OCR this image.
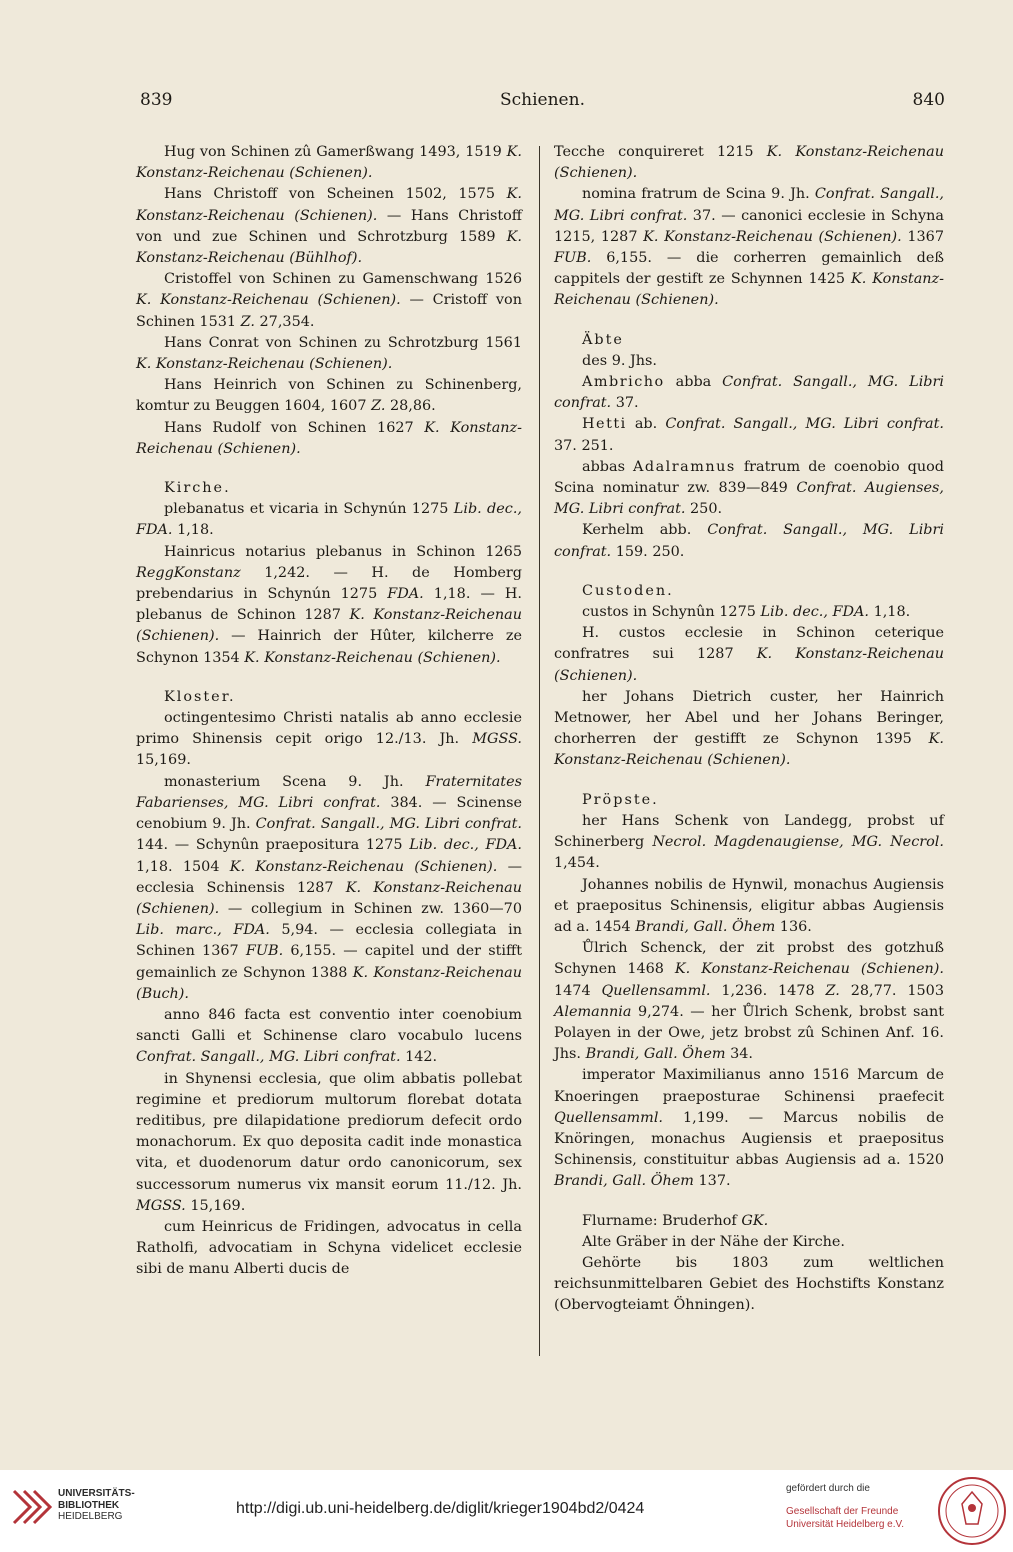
839	Schienen.	840

Hug von Schinen zû Gamerßwang 1493, 1519 K. Konstanz-Reichenau (Schienen).

Hans Christoff von Scheinen 1502, 1575 K. Konstanz-Reichenau (Schienen). — Hans Christoff von und zue Schinen und Schrotzburg 1589 K. Konstanz-Reichenau (Bühlhof).

Cristoffel von Schinen zu Gamenschwang 1526 K. Konstanz-Reichenau (Schienen). — Cristoff von Schinen 1531 Z. 27,354.

Hans Conrat von Schinen zu Schrotzburg 1561 K. Konstanz-Reichenau (Schienen).

Hans Heinrich von Schinen zu Schinenberg, komtur zu Beuggen 1604, 1607 Z. 28,86.

Hans Rudolf von Schinen 1627 K. Konstanz-Reichenau (Schienen).

Kirche.

plebanatus et vicaria in Schynún 1275 Lib. dec., FDA. 1,18.

Hainricus notarius plebanus in Schinon 1265 ReggKonstanz 1,242. — H. de Homberg prebendarius in Schynún 1275 FDA. 1,18. — H. plebanus de Schinon 1287 K. Konstanz-Reichenau (Schienen). — Hainrich der Hûter, kilcherre ze Schynon 1354 K. Konstanz-Reichenau (Schienen).

Kloster.

octingentesimo Christi natalis ab anno ecclesie primo Shinensis cepit origo 12./13. Jh. MGSS. 15,169.

monasterium Scena 9. Jh. Fraternitates Fabarienses, MG. Libri confrat. 384. — Scinense cenobium 9. Jh. Confrat. Sangall., MG. Libri confrat. 144. — Schynûn praepositura 1275 Lib. dec., FDA. 1,18. 1504 K. Konstanz-Reichenau (Schienen). — ecclesia Schinensis 1287 K. Konstanz-Reichenau (Schienen). — collegium in Schinen zw. 1360—70 Lib. marc., FDA. 5,94. — ecclesia collegiata in Schinen 1367 FUB. 6,155. — capitel und der stifft gemainlich ze Schynon 1388 K. Konstanz-Reichenau (Buch).

anno 846 facta est conventio inter coenobium sancti Galli et Schinense claro vocabulo lucens Confrat. Sangall., MG. Libri confrat. 142.

in Shynensi ecclesia, que olim abbatis pollebat regimine et prediorum multorum florebat dotata reditibus, pre dilapidatione prediorum defecit ordo monachorum. Ex quo deposita cadit inde monastica vita, et duodenorum datur ordo canonicorum, sex successorum numerus vix mansit eorum 11./12. Jh. MGSS. 15,169.

cum Heinricus de Fridingen, advocatus in cella Ratholfi, advocatiam in Schyna videlicet ecclesie sibi de manu Alberti ducis de

Tecche conquireret 1215 K. Konstanz-Reichenau (Schienen).

nomina fratrum de Scina 9. Jh. Confrat. Sangall., MG. Libri confrat. 37. — canonici ecclesie in Schyna 1215, 1287 K. Konstanz-Reichenau (Schienen). 1367 FUB. 6,155. — die corherren gemainlich deß cappitels der gestift ze Schynnen 1425 K. Konstanz-Reichenau (Schienen).

Äbte

des 9. Jhs.

Ambricho abba Confrat. Sangall., MG. Libri confrat. 37.

Hetti ab. Confrat. Sangall., MG. Libri confrat. 37. 251.

abbas Adalramnus fratrum de coenobio quod Scina nominatur zw. 839—849 Confrat. Augienses, MG. Libri confrat. 250.

Kerhelm abb. Confrat. Sangall., MG. Libri confrat. 159. 250.

Custoden.

custos in Schynûn 1275 Lib. dec., FDA. 1,18.

H. custos ecclesie in Schinon ceterique confratres sui 1287 K. Konstanz-Reichenau (Schienen).

her Johans Dietrich custer, her Hainrich Metnower, her Abel und her Johans Beringer, chorherren der gestifft ze Schynon 1395 K. Konstanz-Reichenau (Schienen).

Pröpste.

her Hans Schenk von Landegg, probst uf Schinerberg Necrol. Magdenaugiense, MG. Necrol. 1,454.

Johannes nobilis de Hynwil, monachus Augiensis et praepositus Schinensis, eligitur abbas Augiensis ad a. 1454 Brandi, Gall. Öhem 136.

Ůlrich Schenck, der zit probst des gotzhuß Schynen 1468 K. Konstanz-Reichenau (Schienen). 1474 Quellensamml. 1,236. 1478 Z. 28,77. 1503 Alemannia 9,274. — her Ůlrich Schenk, brobst sant Polayen in der Owe, jetz brobst zû Schinen Anf. 16. Jhs. Brandi, Gall. Öhem 34.

imperator Maximilianus anno 1516 Marcum de Knoeringen praeposturae Schinensi praefecit Quellensamml. 1,199. — Marcus nobilis de Knöringen, monachus Augiensis et praepositus Schinensis, constituitur abbas Augiensis ad a. 1520 Brandi, Gall. Öhem 137.

Flurname: Bruderhof GK.

Alte Gräber in der Nähe der Kirche.

Gehörte bis 1803 zum weltlichen reichsunmittelbaren Gebiet des Hochstifts Konstanz (Obervogteiamt Öhningen).

UNIVERSITÄTS-
BIBLIOTHEK
HEIDELBERG	http://digi.ub.uni-heidelberg.de/diglit/krieger1904bd2/0424
gefördert durch die
Gesellschaft der Freunde
Universität Heidelberg e.V.
